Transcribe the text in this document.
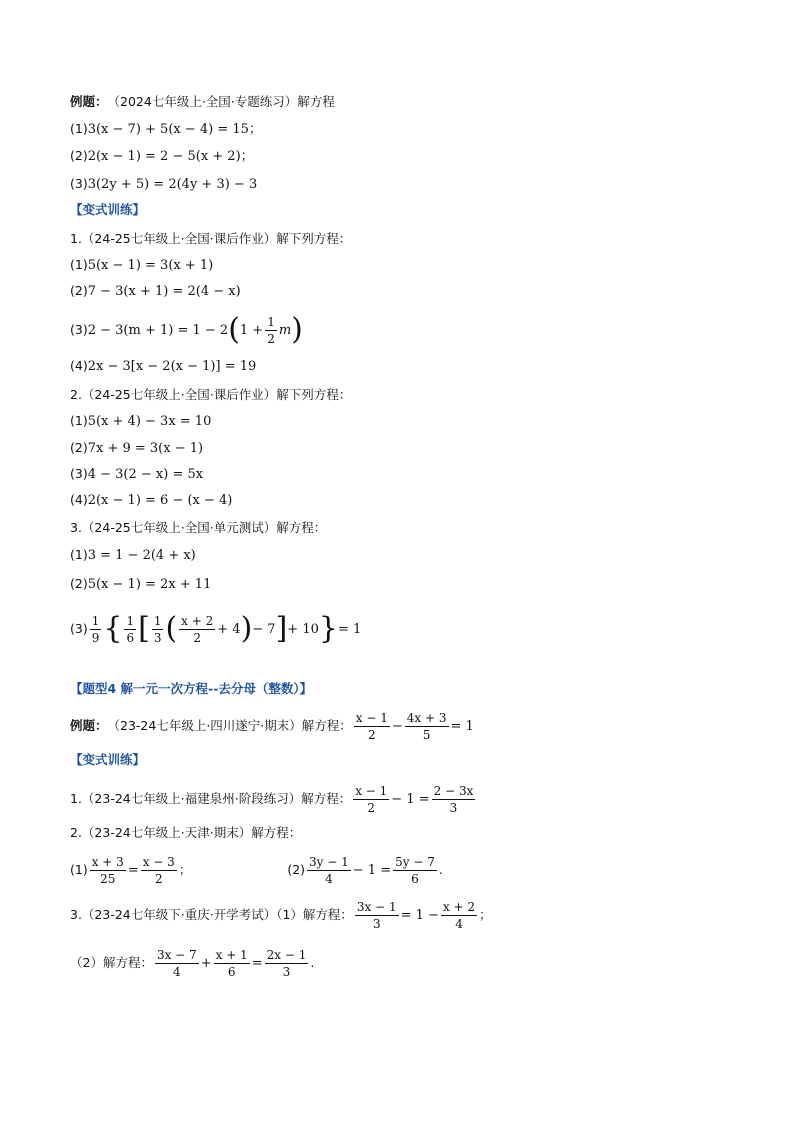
例题： （2024七年级上·全国·专题练习）解方程
(1) 3(x − 7) + 5(x − 4) = 15；
(2) 2(x − 1) = 2 − 5(x + 2)；
(3) 3(2y + 5) = 2(4y + 3) − 3
【变式训练】
1.（24-25七年级上·全国·课后作业）解下列方程：
(1) 5(x − 1) = 3(x + 1)
(2) 7 − 3(x + 1) = 2(4 − x)
(3) 2 − 3(m + 1) = 1 − 2 ( $1 + \frac{1}{2}$ m )
(4) 2x − 3[x − 2(x − 1)] = 19
2.（24-25七年级上·全国·课后作业）解下列方程：
(1) 5(x + 4) − 3x = 10
(2) 7x + 9 = 3(x − 1)
(3) 4 − 3(2 − x) = 5x
(4) 2(x − 1) = 6 − (x − 4)
3.（24-25七年级上·全国·单元测试）解方程：
(1) 3 = 1 − 2(4 + x)
(2) 5(x − 1) = 2x + 11
$(3) \frac{1}{9}$ { $\frac{1}{6}$ [ $\frac{1}{3}$ ( $\frac{x + 2}{2} + 4$ ) − 7 ] + 10 } = 1
【题型4 解一元一次方程--去分母（整数）】
例题： （23-24七年级上·四川遂宁·期末）解方程： $\frac{x - 1}{2} - \frac{4x + 3}{5} = 1$
【变式训练】
1.（23-24七年级上·福建泉州·阶段练习）解方程： $\frac{x - 1}{2} - 1 = \frac{2 - 3x}{3}$
2.（23-24七年级上·天津·期末）解方程：
$(1) \frac{x + 3}{25} = \frac{x - 3}{2}$ ；	$(2) \frac{3y - 1}{4} - 1 = \frac{5y - 7}{6}$ .
3.（23-24七年级下·重庆·开学考试）（1）解方程： $\frac{3x - 1}{3} = 1 - \frac{x + 2}{4}$ ；
（2）解方程： $\frac{3x - 7}{4} + \frac{x + 1}{6} = \frac{2x - 1}{3}$ .
